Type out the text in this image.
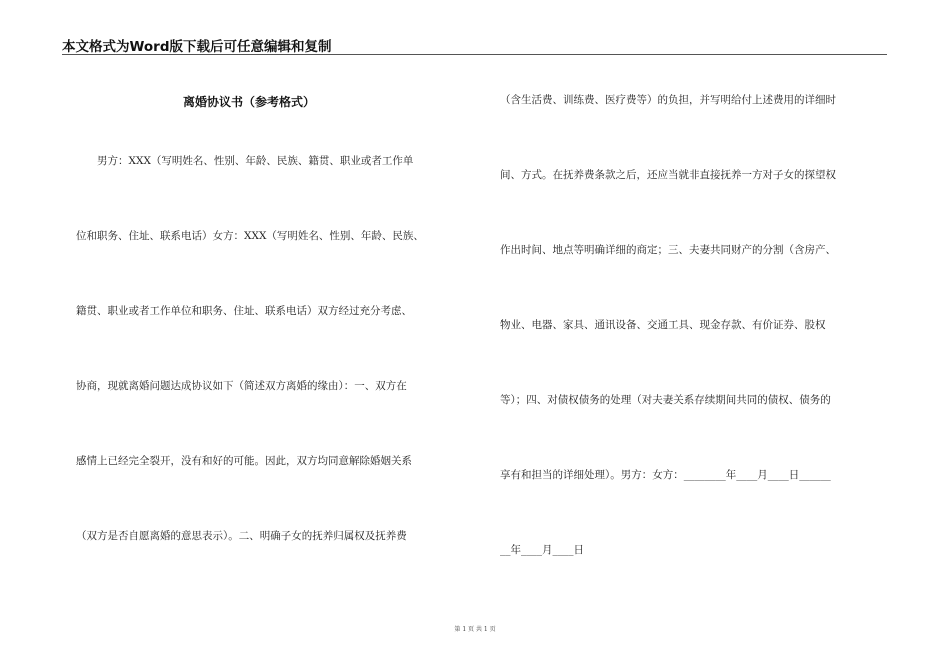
本文格式为Word版下载后可任意编辑和复制
离婚协议书（参考格式）
　　男方：XXX（写明姓名、性别、年龄、民族、籍贯、职业或者工作单
位和职务、住址、联系电话）女方：XXX（写明姓名、性别、年龄、民族、
籍贯、职业或者工作单位和职务、住址、联系电话）双方经过充分考虑、
协商，现就离婚问题达成协议如下（简述双方离婚的缘由）：一、双方在
感情上已经完全裂开，没有和好的可能。因此，双方均同意解除婚姻关系
（双方是否自愿离婚的意思表示）。二、明确子女的抚养归属权及抚养费
（含生活费、训练费、医疗费等）的负担，并写明给付上述费用的详细时
间、方式。在抚养费条款之后，还应当就非直接抚养一方对子女的探望权
作出时间、地点等明确详细的商定；三、夫妻共同财产的分割（含房产、
物业、电器、家具、通讯设备、交通工具、现金存款、有价证券、股权
等）；四、对债权债务的处理（对夫妻关系存续期间共同的债权、债务的
享有和担当的详细处理）。男方：女方：________年____月____日______
__年____月____日
第 1 页 共 1 页
